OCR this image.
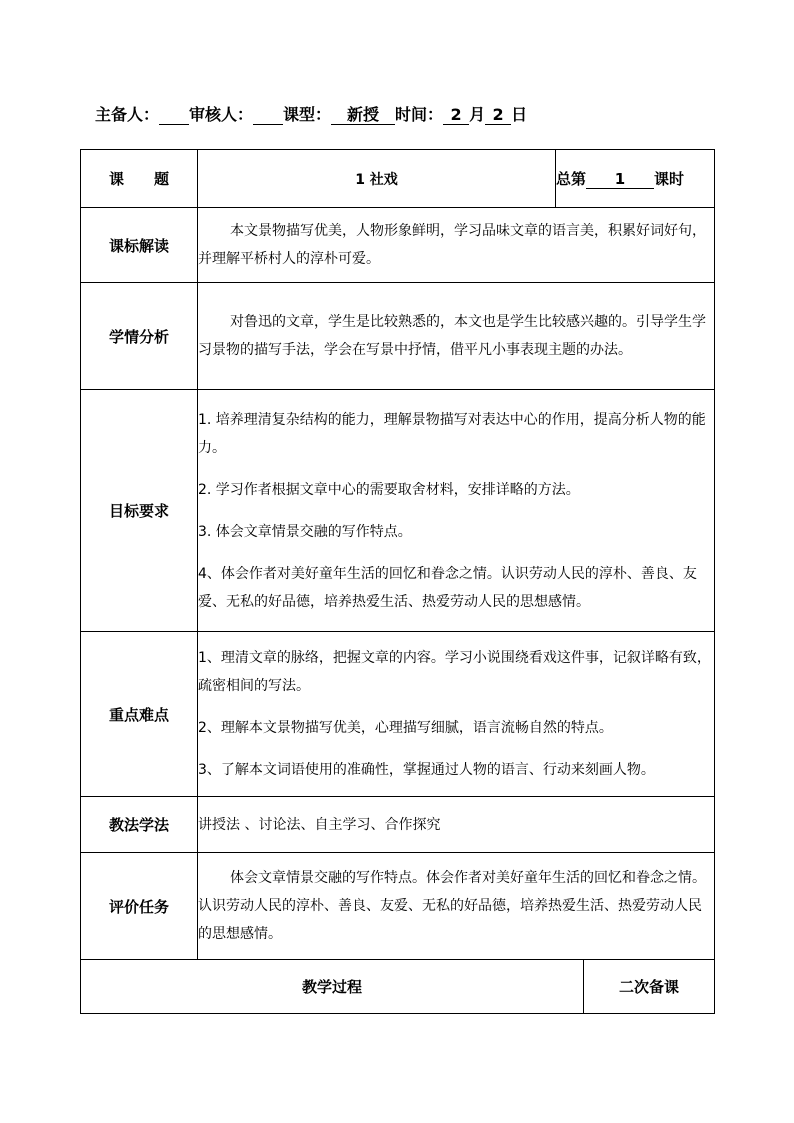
主备人： 审核人： 课型： 新授 时间： 2 月 2 日
课　　题	1 社戏	总第 1 课时	
课标解读	本文景物描写优美，人物形象鲜明，学习品味文章的语言美，积累好词好句，并理解平桥村人的淳朴可爱。		

学情分析	对鲁迅的文章，学生是比较熟悉的，本文也是学生比较感兴趣的。引导学生学习景物的描写手法，学会在写景中抒情，借平凡小事表现主题的办法。		

目标要求	1. 培养理清复杂结构的能力，理解景物描写对表达中心的作用，提高分析人物的能力。

2. 学习作者根据文章中心的需要取舍材料，安排详略的方法。

3. 体会文章情景交融的写作特点。

4、体会作者对美好童年生活的回忆和眷念之情。认识劳动人民的淳朴、善良、友爱、无私的好品德，培养热爱生活、热爱劳动人民的思想感情。		

重点难点	1、理清文章的脉络，把握文章的内容。学习小说围绕看戏这件事，记叙详略有致，疏密相间的写法。

2、理解本文景物描写优美，心理描写细腻，语言流畅自然的特点。

3、了解本文词语使用的准确性，掌握通过人物的语言、行动来刻画人物。		

教法学法	讲授法 、讨论法、自主学习、合作探究		

评价任务	体会文章情景交融的写作特点。体会作者对美好童年生活的回忆和眷念之情。认识劳动人民的淳朴、善良、友爱、无私的好品德，培养热爱生活、热爱劳动人民的思想感情。		

教学过程			二次备课
